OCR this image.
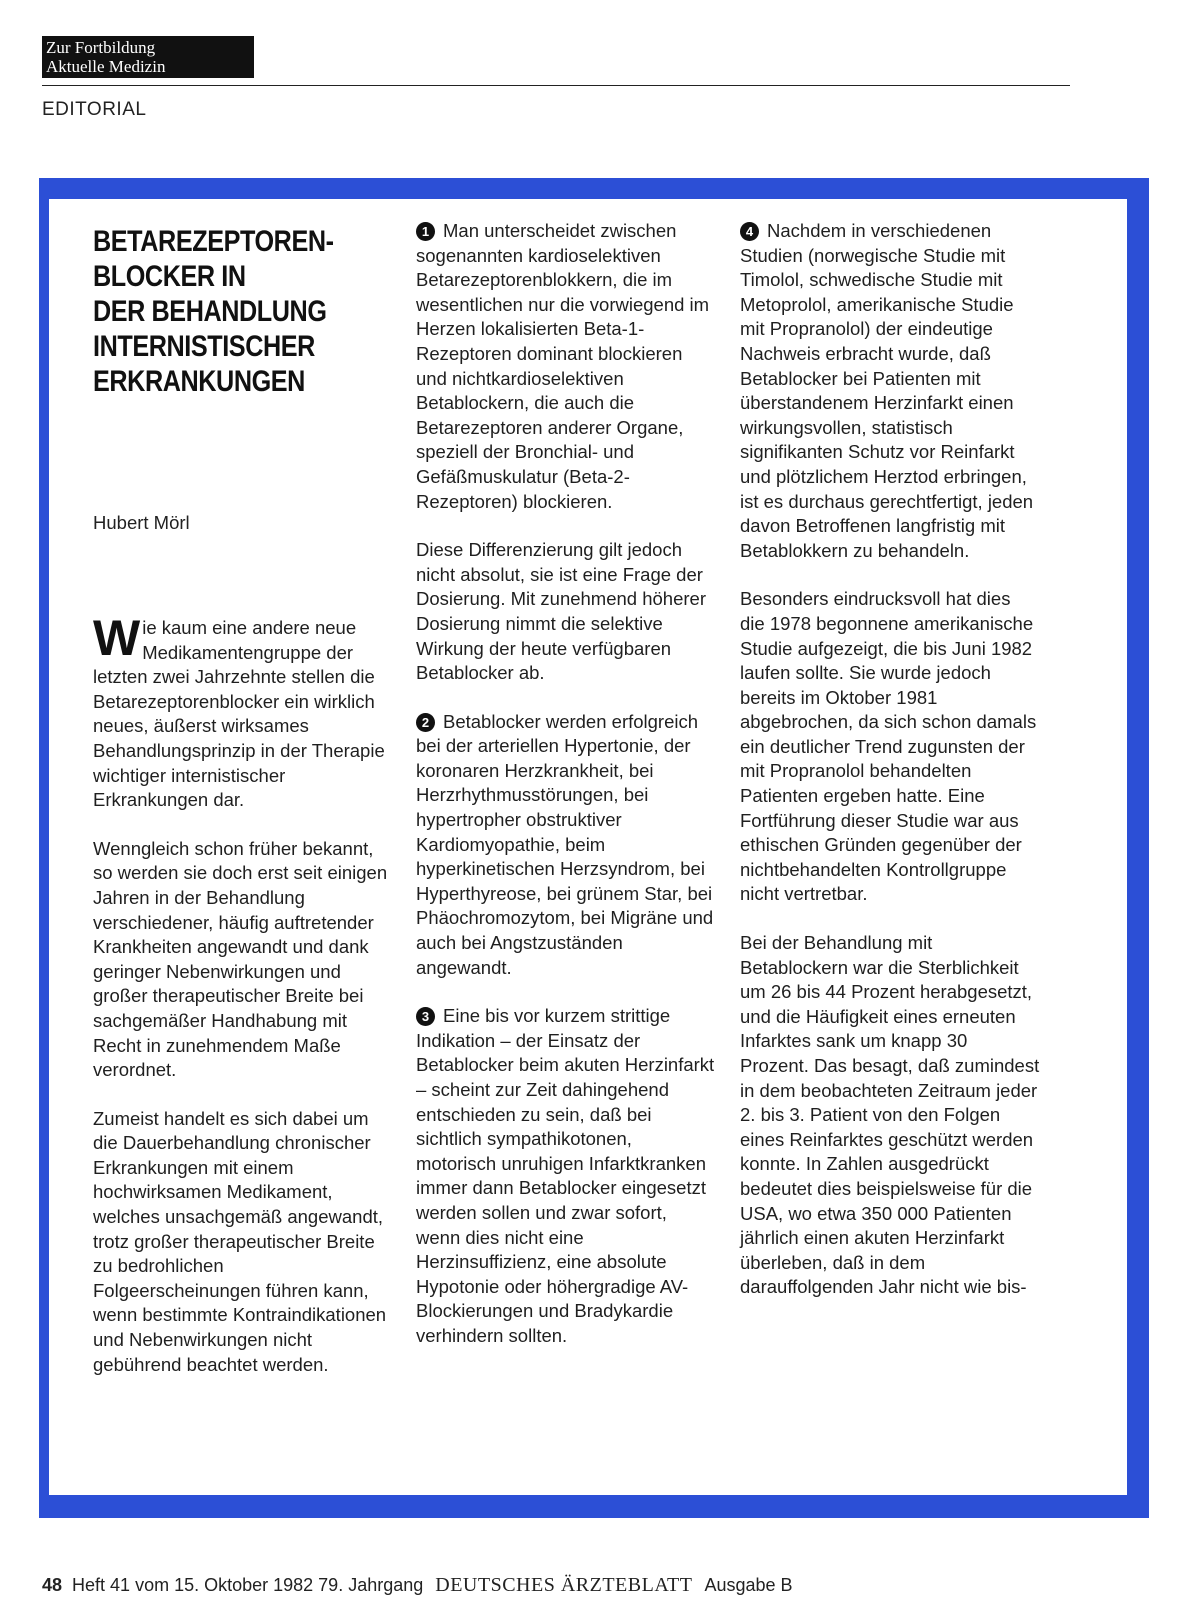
Zur Fortbildung
Aktuelle Medizin
EDITORIAL
BETAREZEPTOREN-
BLOCKER IN
DER BEHANDLUNG
INTERNISTISCHER
ERKRANKUNGEN
Hubert Mörl

Wie kaum eine andere neue Medikamentengruppe der letzten zwei Jahrzehnte stellen die Betarezeptorenblocker ein wirklich neues, äußerst wirksames Behandlungsprinzip in der Therapie wichtiger internistischer Erkrankungen dar.

Wenngleich schon früher bekannt, so werden sie doch erst seit einigen Jahren in der Behandlung verschiedener, häufig auftretender Krankheiten angewandt und dank geringer Nebenwirkungen und großer therapeutischer Breite bei sachgemäßer Handhabung mit Recht in zunehmendem Maße verordnet.

Zumeist handelt es sich dabei um die Dauerbehandlung chronischer Erkrankungen mit einem hochwirksamen Medikament, welches unsachgemäß angewandt, trotz großer therapeutischer Breite zu bedrohlichen Folgeerscheinungen führen kann, wenn bestimmte Kontraindikationen und Nebenwirkungen nicht gebührend beachtet werden.

1 Man unterscheidet zwischen sogenannten kardioselektiven Betarezeptorenblokkern, die im wesentlichen nur die vorwiegend im Herzen lokalisierten Beta-1-Rezeptoren dominant blockieren und nichtkardioselektiven Betablockern, die auch die Betarezeptoren anderer Organe, speziell der Bronchial- und Gefäßmuskulatur (Beta-2-Rezeptoren) blockieren.

Diese Differenzierung gilt jedoch nicht absolut, sie ist eine Frage der Dosierung. Mit zunehmend höherer Dosierung nimmt die selektive Wirkung der heute verfügbaren Betablocker ab.

2 Betablocker werden erfolgreich bei der arteriellen Hypertonie, der koronaren Herzkrankheit, bei Herzrhythmusstörungen, bei hypertropher obstruktiver Kardiomyopathie, beim hyperkinetischen Herzsyndrom, bei Hyperthyreose, bei grünem Star, bei Phäochromozytom, bei Migräne und auch bei Angstzuständen angewandt.

3 Eine bis vor kurzem strittige Indikation – der Einsatz der Betablocker beim akuten Herzinfarkt – scheint zur Zeit dahingehend entschieden zu sein, daß bei sichtlich sympathikotonen, motorisch unruhigen Infarktkranken immer dann Betablocker eingesetzt werden sollen und zwar sofort, wenn dies nicht eine Herzinsuffizienz, eine absolute Hypotonie oder höhergradige AV-Blockierungen und Bradykardie verhindern sollten.

4 Nachdem in verschiedenen Studien (norwegische Studie mit Timolol, schwedische Studie mit Metoprolol, amerikanische Studie mit Propranolol) der eindeutige Nachweis erbracht wurde, daß Betablocker bei Patienten mit überstandenem Herzinfarkt einen wirkungsvollen, statistisch signifikanten Schutz vor Reinfarkt und plötzlichem Herztod erbringen, ist es durchaus gerechtfertigt, jeden davon Betroffenen langfristig mit Betablokkern zu behandeln.

Besonders eindrucksvoll hat dies die 1978 begonnene amerikanische Studie aufgezeigt, die bis Juni 1982 laufen sollte. Sie wurde jedoch bereits im Oktober 1981 abgebrochen, da sich schon damals ein deutlicher Trend zugunsten der mit Propranolol behandelten Patienten ergeben hatte. Eine Fortführung dieser Studie war aus ethischen Gründen gegenüber der nichtbehandelten Kontrollgruppe nicht vertretbar.

Bei der Behandlung mit Betablockern war die Sterblichkeit um 26 bis 44 Prozent herabgesetzt, und die Häufigkeit eines erneuten Infarktes sank um knapp 30 Prozent. Das besagt, daß zumindest in dem beobachteten Zeitraum jeder 2. bis 3. Patient von den Folgen eines Reinfarktes geschützt werden konnte. In Zahlen ausgedrückt bedeutet dies beispielsweise für die USA, wo etwa 350 000 Patienten jährlich einen akuten Herzinfarkt überleben, daß in dem darauffolgenden Jahr nicht wie bis-

48 Heft 41 vom 15. Oktober 1982 79. Jahrgang DEUTSCHES ÄRZTEBLATT Ausgabe B
